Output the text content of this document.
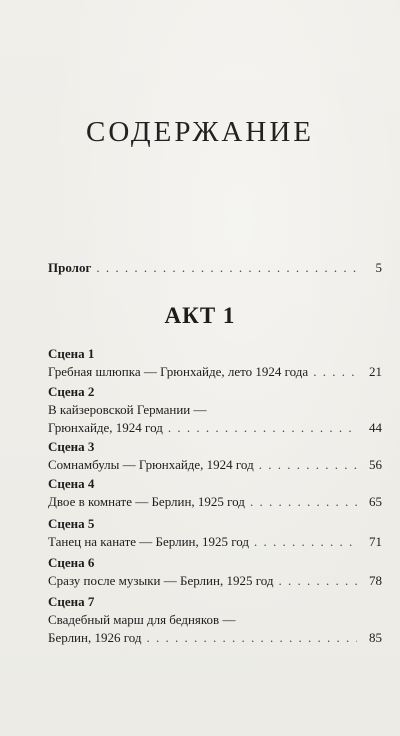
СОДЕРЖАНИЕ
Пролог . . .	5
АКТ 1
Сцена 1
Гребная шлюпка — Грюнхайде, лето 1924 года . . .	21
Сцена 2
В кайзеровской Германии —
Грюнхайде, 1924 год . . .	44
Сцена 3
Сомнамбулы — Грюнхайде, 1924 год . . .	56
Сцена 4
Двое в комнате — Берлин, 1925 год . . .	65
Сцена 5
Танец на канате — Берлин, 1925 год . . .	71
Сцена 6
Сразу после музыки — Берлин, 1925 год . . .	78
Сцена 7
Свадебный марш для бедняков —
Берлин, 1926 год . . .	85
